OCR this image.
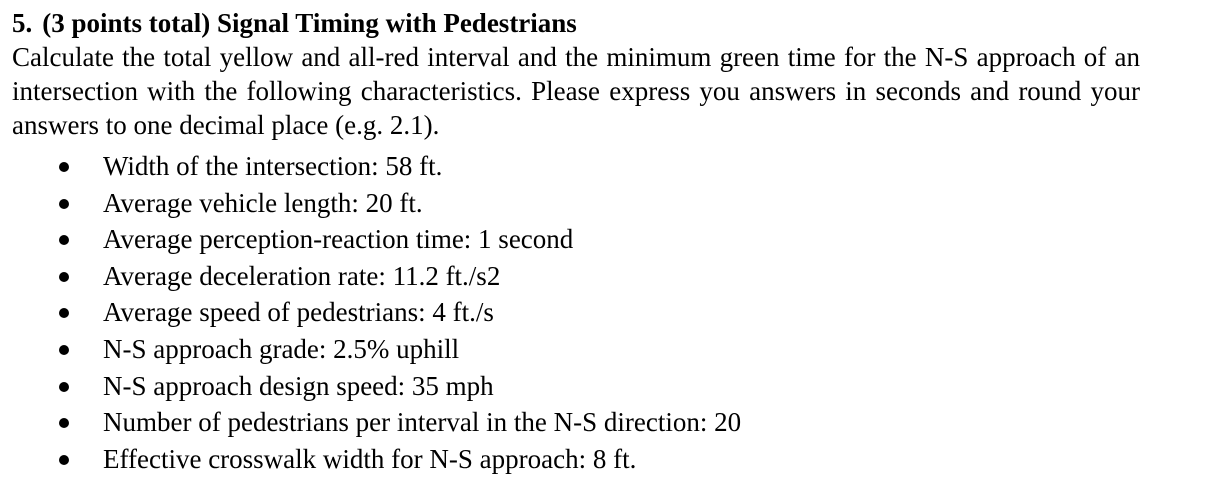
5. (3 points total) Signal Timing with Pedestrians

Calculate the total yellow and all-red interval and the minimum green time for the N-S approach of an intersection with the following characteristics. Please express you answers in seconds and round your answers to one decimal place (e.g. 2.1).

Width of the intersection: 58 ft.
Average vehicle length: 20 ft.
Average perception-reaction time: 1 second
Average deceleration rate: 11.2 ft./s2
Average speed of pedestrians: 4 ft./s
N-S approach grade: 2.5% uphill
N-S approach design speed: 35 mph
Number of pedestrians per interval in the N-S direction: 20
Effective crosswalk width for N-S approach: 8 ft.
